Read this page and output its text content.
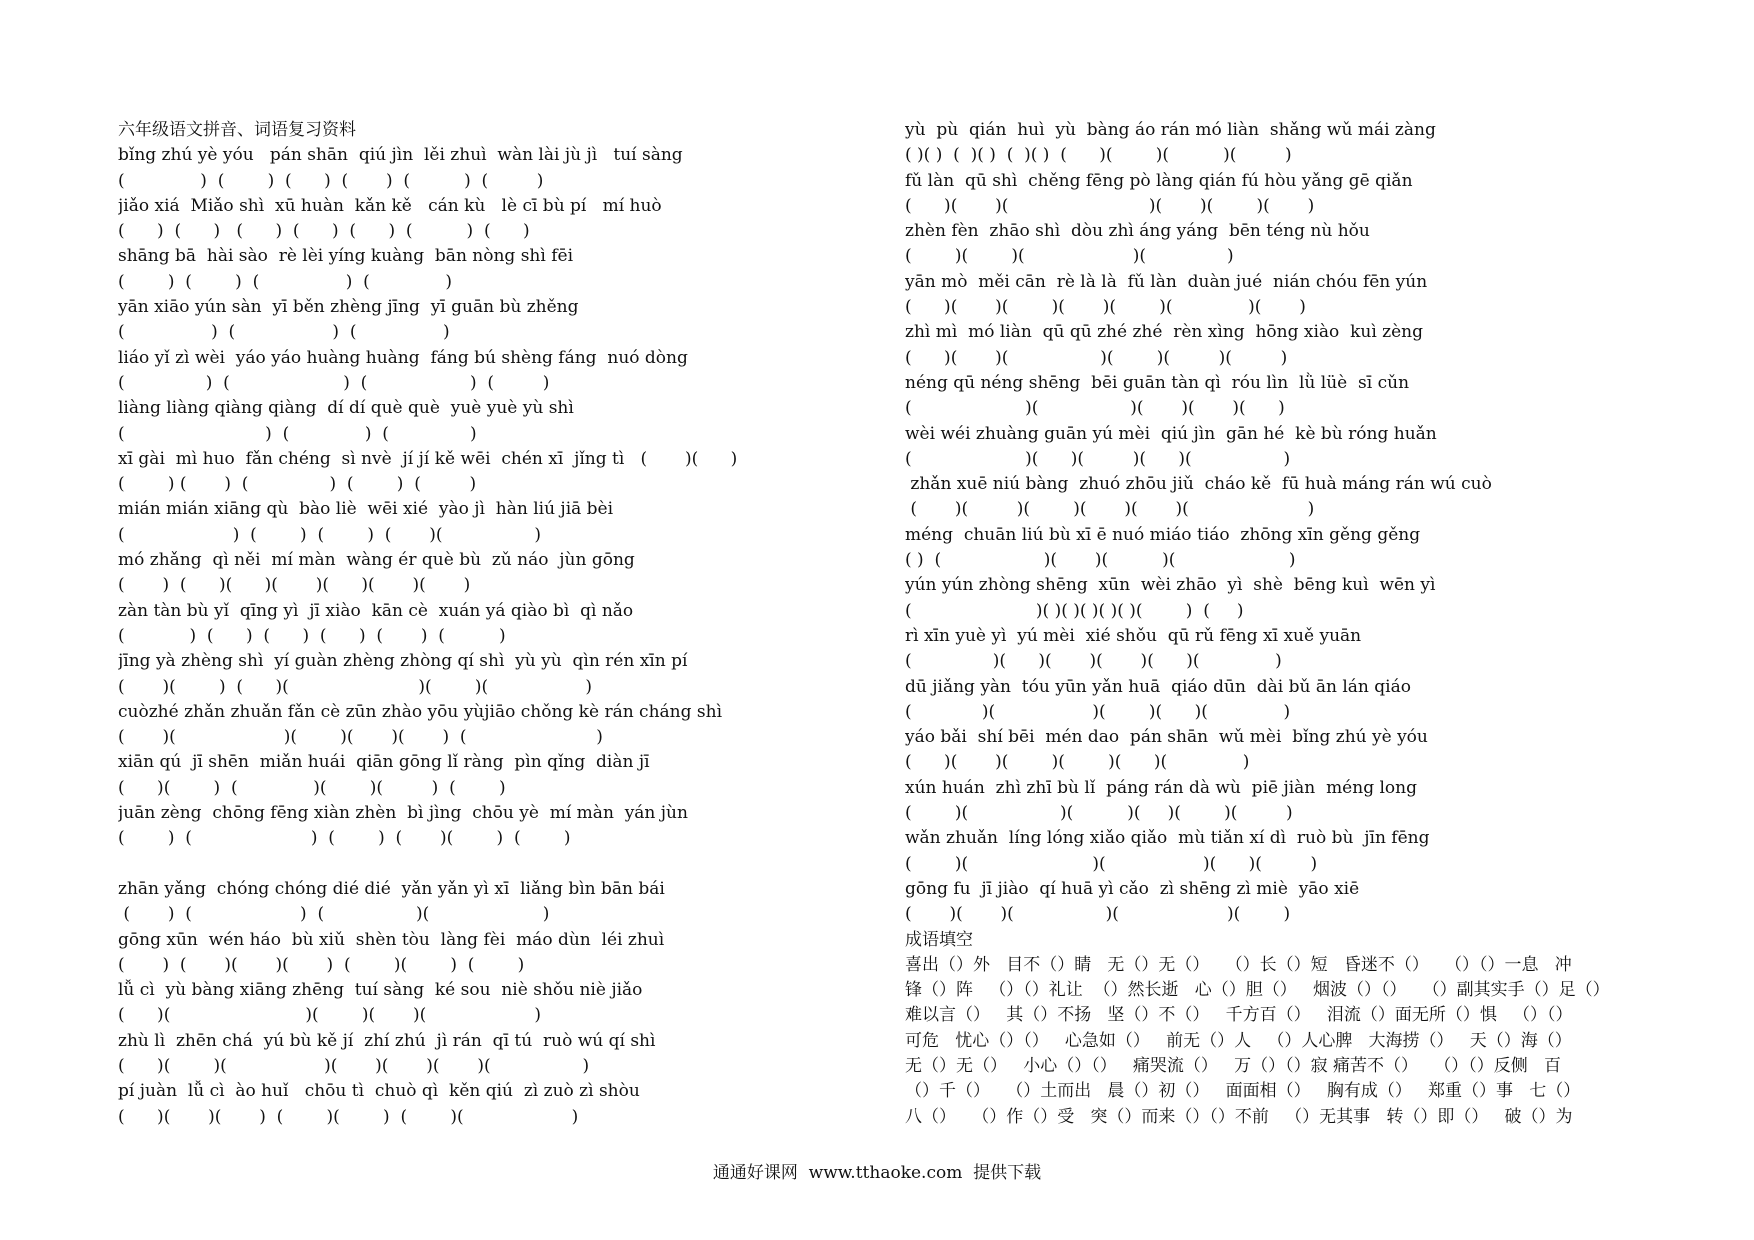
六年级语文拼音、词语复习资料
bǐng zhú yè yóu   pán shān  qiú jìn  lěi zhuì  wàn lài jù jì   tuí sàng
(              )  (        )  (      )  (       )  (          )  (         )
jiǎo xiá  Miǎo shì  xū huàn  kǎn kě   cán kù   lè cī bù pí   mí huò
(      )  (      )   (      )  (      )  (      )  (          )  (      )
shāng bā  hài sào  rè lèi yíng kuàng  bān nòng shì fēi
(        )  (        )  (                )  (              )
yān xiāo yún sàn  yī běn zhèng jīng  yī guān bù zhěng
(                )  (                  )  (                )
liáo yǐ zì wèi  yáo yáo huàng huàng  fáng bú shèng fáng  nuó dòng
(               )  (                     )  (                   )  (         )
liàng liàng qiàng qiàng  dí dí què què  yuè yuè yù shì
(                          )  (              )  (               )
xī gài  mì huo  fǎn chéng  sì nvè  jí jí kě wēi  chén xī  jǐng tì   (       )(      )
(        ) (       )  (               )  (        )  (         )
mián mián xiāng qù  bào liè  wēi xié  yào jì  hàn liú jiā bèi
(                    )  (        )  (        )  (       )(                 )
mó zhǎng  qì něi  mí màn  wàng ér què bù  zǔ náo  jùn gōng
(       )  (      )(      )(       )(      )(       )(       )
zàn tàn bù yǐ  qīng yì  jī xiào  kān cè  xuán yá qiào bì  qì nǎo
(            )  (      )  (      )  (      )  (       )  (          )
jīng yà zhèng shì  yí guàn zhèng zhòng qí shì  yù yù  qìn rén xīn pí
(       )(        )  (      )(                        )(        )(                  )
cuòzhé zhǎn zhuǎn fǎn cè zūn zhào yōu yùjiāo chǒng kè rán cháng shì
(       )(                    )(        )(       )(       )  (                        )
xiān qú  jī shēn  miǎn huái  qiān gōng lǐ ràng  pìn qǐng  diàn jī
(      )(        )  (              )(        )(         )  (        )
juān zèng  chōng fēng xiàn zhèn  bì jìng  chōu yè  mí màn  yán jùn
(        )  (                      )  (        )  (       )(        )  (        )
zhān yǎng  chóng chóng dié dié  yǎn yǎn yì xī  liǎng bìn bān bái
(       )  (                    )  (                 )(                     )
gōng xūn  wén háo  bù xiǔ  shèn tòu  làng fèi  máo dùn  léi zhuì
(       )  (       )(       )(       )  (        )(        )  (        )
lǚ cì  yù bàng xiāng zhēng  tuí sàng  ké sou  niè shǒu niè jiǎo
(      )(                         )(        )(       )(                    )
zhù lì  zhēn chá  yú bù kě jí  zhí zhú  jì rán  qī tú  ruò wú qí shì
(      )(        )(                  )(       )(       )(       )(                 )
pí juàn  lǚ cì  ào huǐ   chōu tì  chuò qì  kěn qiú  zì zuò zì shòu
(      )(       )(       )  (        )(        )  (        )(                    )
yù  pù  qián  huì  yù  bàng áo rán mó liàn  shǎng wǔ mái zàng
( )( )  (  )( )  (  )( )  (      )(        )(          )(         )
fǔ làn  qū shì  chěng fēng pò làng qián fú hòu yǎng gē qiǎn
(      )(       )(                          )(       )(        )(       )
zhèn fèn  zhāo shì  dòu zhì áng yáng  bēn téng nù hǒu
(        )(        )(                    )(               )
yān mò  měi cān  rè là là  fǔ làn  duàn jué  nián chóu fēn yún
(      )(       )(        )(       )(        )(              )(       )
zhì mì  mó liàn  qū qū zhé zhé  rèn xìng  hōng xiào  kuì zèng
(      )(       )(                 )(        )(         )(         )
néng qū néng shēng  bēi guān tàn qì  róu lìn  lǜ lüè  sī cǔn
(                     )(                 )(       )(       )(      )
wèi wéi zhuàng guān yú mèi  qiú jìn  gān hé  kè bù róng huǎn
(                     )(      )(         )(      )(                 )
zhǎn xuē niú bàng  zhuó zhōu jiǔ  cháo kě  fū huà máng rán wú cuò
(       )(         )(        )(       )(       )(                      )
méng  chuān liú bù xī ē nuó miáo tiáo  zhōng xīn gěng gěng
( )  (                   )(       )(          )(                     )
yún yún zhòng shēng  xūn  wèi zhāo  yì  shè  bēng kuì  wēn yì
(                       )( )( )( )( )( )(        )  (     )
rì xīn yuè yì  yú mèi  xié shǒu  qū rǔ fēng xī xuě yuān
(               )(      )(       )(       )(      )(              )
dū jiǎng yàn  tóu yūn yǎn huā  qiáo dūn  dài bǔ ān lán qiáo
(             )(                  )(        )(      )(              )
yáo bǎi  shí bēi  mén dao  pán shān  wǔ mèi  bǐng zhú yè yóu
(      )(       )(        )(        )(      )(              )
xún huán  zhì zhī bù lǐ  páng rán dà wù  piē jiàn  méng long
(        )(                 )(          )(     )(        )(         )
wǎn zhuǎn  líng lóng xiǎo qiǎo  mù tiǎn xí dì  ruò bù  jīn fēng
(        )(                       )(                  )(      )(         )
gōng fu  jī jiào  qí huā yì cǎo  zì shēng zì miè  yāo xiē
(       )(       )(                 )(                    )(        )
成语填空
喜出（）外   目不（）睛   无（）无（）   （）长（）短   昏迷不（）   （）（）一息   冲
锋（）阵   （）（）礼让  （）然长逝   心（）胆（）   烟波（）（）   （）副其实手（）足（）
难以言（）   其（）不扬   坚（）不（）   千方百（）   泪流（）面无所（）惧   （）（）
可危   忧心（）（）   心急如（）   前无（）人   （）人心脾   大海捞（）   天（）海（）
无（）无（）   小心（）（）   痛哭流（）   万（）（）寂 痛苦不（）   （）（）反侧   百
（）千（）   （）土而出   晨（）初（）   面面相（）   胸有成（）   郑重（）事   七（）
八（）   （）作（）受   突（）而来（）（）不前   （）无其事   转（）即（）   破（）为
通通好课网  www.tthaoke.com  提供下载
